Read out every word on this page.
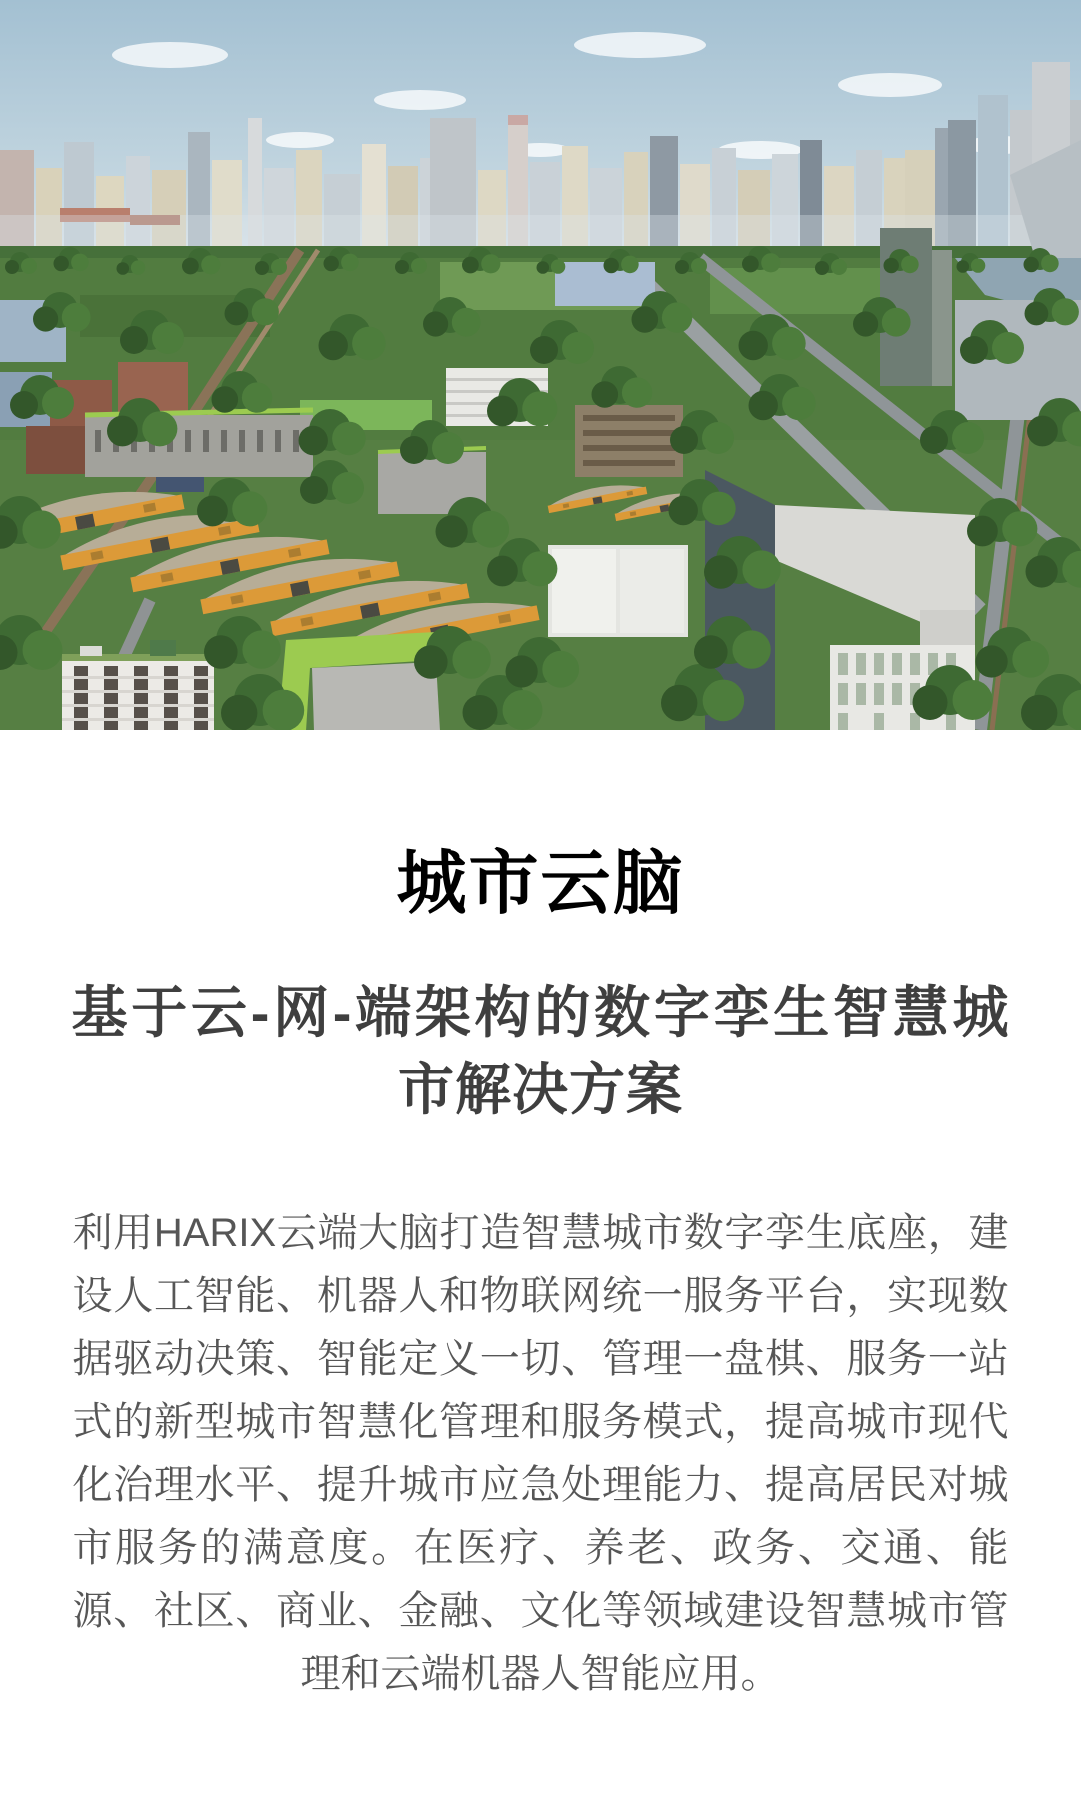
城市云脑
基于云-网-端架构的数字孪生智慧城市解决方案

利用HARIX云端大脑打造智慧城市数字孪生底座，建设人工智能、机器人和物联网统一服务平台，实现数据驱动决策、智能定义一切、管理一盘棋、服务一站式的新型城市智慧化管理和服务模式，提高城市现代化治理水平、提升城市应急处理能力、提高居民对城市服务的满意度。在医疗、养老、政务、交通、能源、社区、商业、金融、文化等领域建设智慧城市管理和云端机器人智能应用。
